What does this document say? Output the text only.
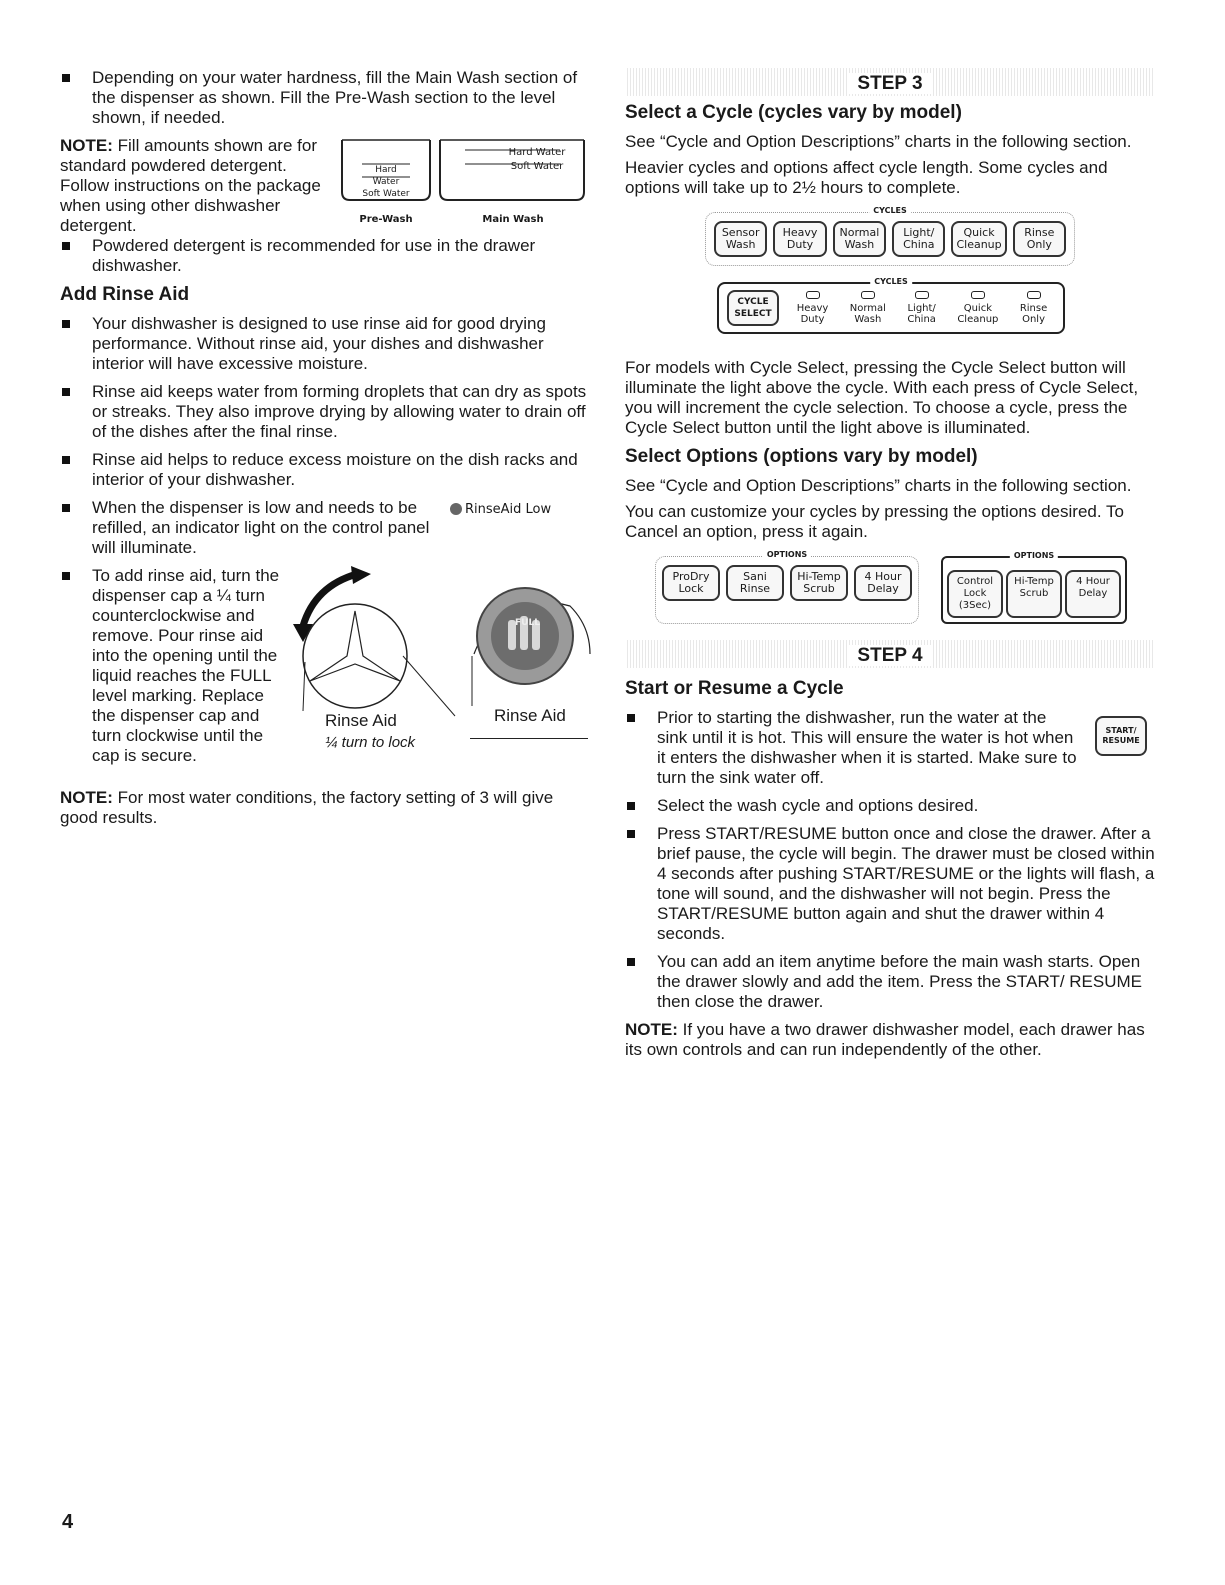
Depending on your water hardness, fill the Main Wash section of the dispenser as shown. Fill the Pre-Wash section to the level shown, if needed.
NOTE: Fill amounts shown are for standard powdered detergent. Follow instructions on the package when using other dishwasher detergent.
Hard Water
Soft Water
Hard Water
Soft Water
Pre-Wash	Main Wash
Powdered detergent is recommended for use in the drawer dishwasher.
Add Rinse Aid
Your dishwasher is designed to use rinse aid for good drying performance. Without rinse aid, your dishes and dishwasher interior will have excessive moisture.
Rinse aid keeps water from forming droplets that can dry as spots or streaks. They also improve drying by allowing water to drain off of the dishes after the final rinse.
Rinse aid helps to reduce excess moisture on the dish racks and interior of your dishwasher.
When the dispenser is low and needs to be refilled, an indicator light on the control panel will illuminate.
RinseAid Low
To add rinse aid, turn the dispenser cap a ¼ turn counterclockwise and remove. Pour rinse aid into the opening until the liquid reaches the FULL level marking. Replace the dispenser cap and turn clockwise until the cap is secure.
Rinse Aid
¼ turn to lock
FULL
Rinse Aid

NOTE: For most water conditions, the factory setting of 3 will give good results.

STEP 3
Select a Cycle (cycles vary by model)

See “Cycle and Option Descriptions” charts in the following section.

Heavier cycles and options affect cycle length. Some cycles and options will take up to 2½ hours to complete.

CYCLES
Sensor
Wash
Heavy
Duty
Normal
Wash
Light/
China
Quick
Cleanup
Rinse
Only
CYCLES
CYCLE
SELECT	Heavy
Duty
Normal
Wash
Light/
China
Quick
Cleanup
Rinse
Only

For models with Cycle Select, pressing the Cycle Select button will illuminate the light above the cycle. With each press of Cycle Select, you will increment the cycle selection. To choose a cycle, press the Cycle Select button until the light above is illuminated.

Select Options (options vary by model)

See “Cycle and Option Descriptions” charts in the following section.

You can customize your cycles by pressing the options desired. To Cancel an option, press it again.

OPTIONS
ProDry
Lock
Sani
Rinse
Hi-Temp
Scrub
4 Hour
Delay
OPTIONS
Control
Lock (3Sec)
Hi-Temp
Scrub
4 Hour
Delay
STEP 4
Start or Resume a Cycle
Prior to starting the dishwasher, run the water at the sink until it is hot. This will ensure the water is hot when it enters the dishwasher when it is started. Make sure to turn the sink water off.
START/
RESUME
Select the wash cycle and options desired.
Press START/RESUME button once and close the drawer. After a brief pause, the cycle will begin. The drawer must be closed within 4 seconds after pushing START/RESUME or the lights will flash, a tone will sound, and the dishwasher will not begin. Press the START/RESUME button again and shut the drawer within 4 seconds.
You can add an item anytime before the main wash starts. Open the drawer slowly and add the item. Press the START/ RESUME then close the drawer.

NOTE: If you have a two drawer dishwasher model, each drawer has its own controls and can run independently of the other.

4
